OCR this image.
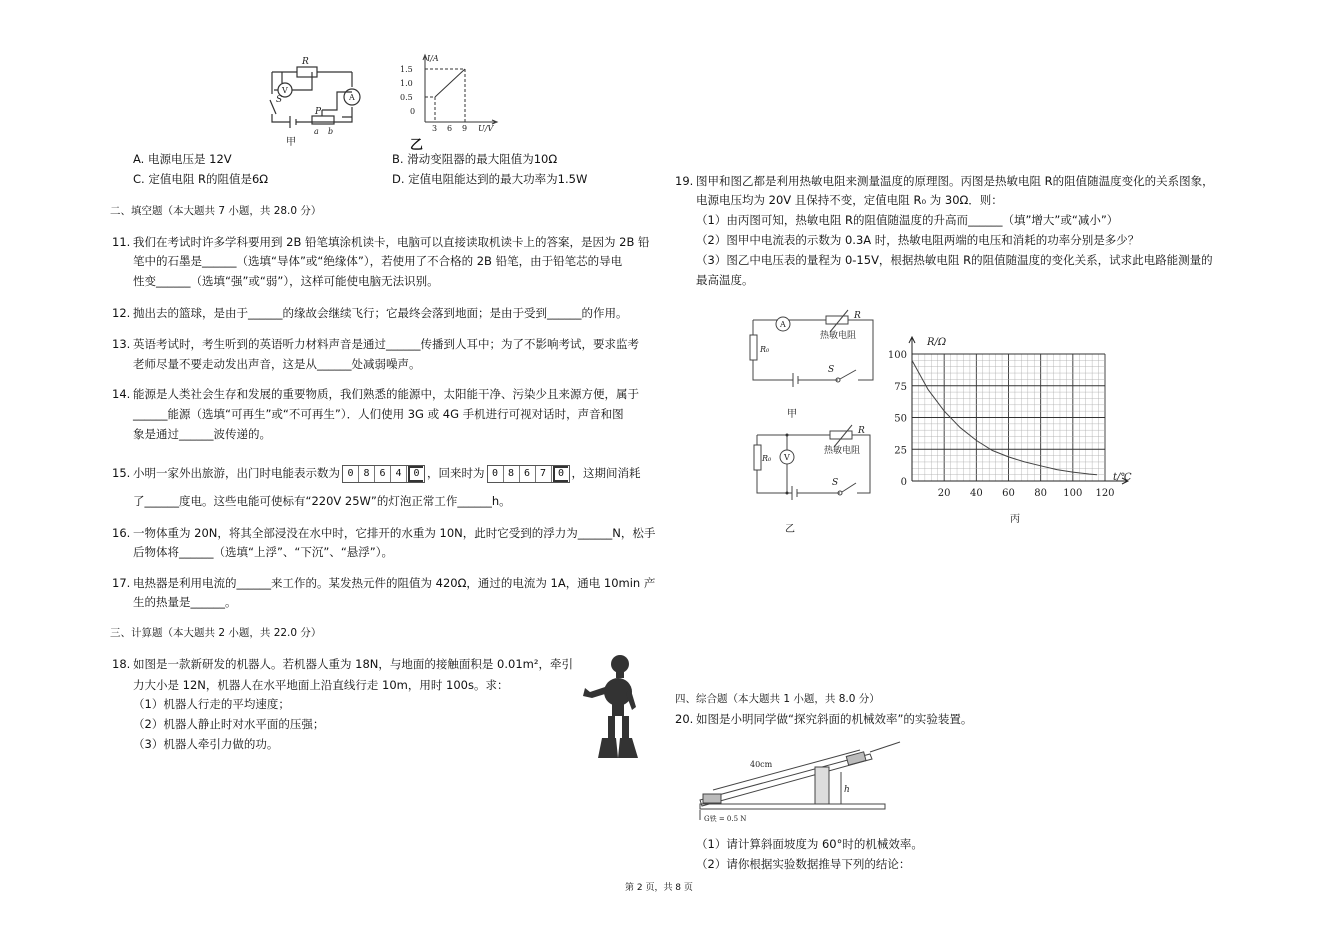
R
V
A
S
P
a b
甲
I/A
1.5
1.0
0.5
0
3 6 9 U/V
乙
A. 电源电压是 12V	B. 滑动变阻器的最大阻值为10Ω
C. 定值电阻 R的阻值是6Ω	D. 定值电阻能达到的最大功率为1.5W
二、填空题（本大题共 7 小题，共 28.0 分）
11. 我们在考试时许多学科要用到 2B 铅笔填涂机读卡，电脑可以直接读取机读卡上的答案，是因为 2B 铅
笔中的石墨是______（选填“导体”或“绝缘体”），若使用了不合格的 2B 铅笔，由于铅笔芯的导电
性变______（选填“强”或“弱”），这样可能使电脑无法识别。
12. 抛出去的篮球，是由于______的缘故会继续飞行；它最终会落到地面；是由于受到______的作用。
13. 英语考试时，考生听到的英语听力材料声音是通过______传播到人耳中；为了不影响考试，要求监考
老师尽量不要走动发出声音，这是从______处减弱噪声。
14. 能源是人类社会生存和发展的重要物质，我们熟悉的能源中，太阳能干净、污染少且来源方便，属于
______能源（选填“可再生”或“不可再生”）．人们使用 3G 或 4G 手机进行可视对话时，声音和图
象是通过______波传递的。
15. 小明一家外出旅游，出门时电能表示数为 0 8 6 4	0 ，回来时为 0 8 6 7	0 ，这期间消耗
了______度电。这些电能可使标有“220V 25W”的灯泡正常工作______h。
16. 一物体重为 20N，将其全部浸没在水中时，它排开的水重为 10N，此时它受到的浮力为______N，松手
后物体将______（选填“上浮”、“下沉”、“悬浮”）。
17. 电热器是利用电流的______来工作的。某发热元件的阻值为 420Ω，通过的电流为 1A，通电 10min 产
生的热量是______。
三、计算题（本大题共 2 小题，共 22.0 分）
18. 如图是一款新研发的机器人。若机器人重为 18N，与地面的接触面积是 0.01m²，牵引
力大小是 12N，机器人在水平地面上沿直线行走 10m，用时 100s。求：
（1）机器人行走的平均速度；
（2）机器人静止时对水平面的压强；
（3）机器人牵引力做的功。
19. 图甲和图乙都是利用热敏电阻来测量温度的原理图。丙图是热敏电阻 R的阻值随温度变化的关系图象，
电源电压均为 20V 且保持不变，定值电阻 R₀ 为 30Ω．则：
（1）由丙图可知，热敏电阻 R的阻值随温度的升高而______（填”增大”或“减小”）
（2）图甲中电流表的示数为 0.3A 时，热敏电阻两端的电压和消耗的功率分别是多少？
（3）图乙中电压表的量程为 0-15V，根据热敏电阻 R的阻值随温度的变化关系，试求此电路能测量的
最高温度。
A
R
热敏电阻
R₀
S
甲
V
R
热敏电阻
R₀
S
乙
R/Ω
t/℃
20 40 60 80 100 120
100
75
50
25
0
丙
四、综合题（本大题共 1 小题，共 8.0 分）
20. 如图是小明同学做“探究斜面的机械效率”的实验装置。
40cm
h
G铁 = 0.5 N
（1）请计算斜面坡度为 60°时的机械效率。
（2）请你根据实验数据推导下列的结论：
第 2 页，共 8 页
